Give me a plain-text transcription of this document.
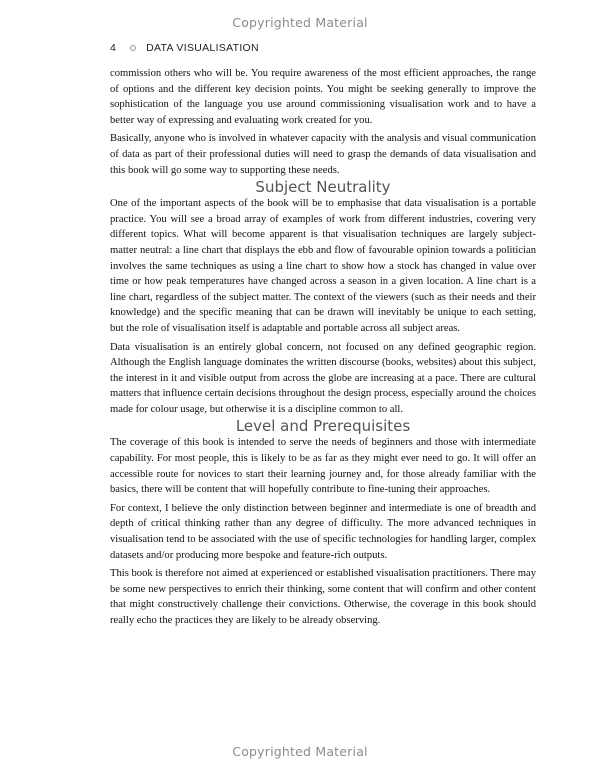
Copyrighted Material
4	DATA VISUALISATION

commission others who will be. You require awareness of the most efficient approaches, the range of options and the different key decision points. You might be seeking generally to improve the sophistication of the language you use around commissioning visualisation work and to have a better way of expressing and evaluating work created for you.

Basically, anyone who is involved in whatever capacity with the analysis and visual communication of data as part of their professional duties will need to grasp the demands of data visualisation and this book will go some way to supporting these needs.

Subject Neutrality

One of the important aspects of the book will be to emphasise that data visualisation is a portable practice. You will see a broad array of examples of work from different industries, covering very different topics. What will become apparent is that visualisation techniques are largely subject-matter neutral: a line chart that displays the ebb and flow of favourable opinion towards a politician involves the same techniques as using a line chart to show how a stock has changed in value over time or how peak temperatures have changed across a season in a given location. A line chart is a line chart, regardless of the subject matter. The context of the viewers (such as their needs and their knowledge) and the specific meaning that can be drawn will inevitably be unique to each setting, but the role of visualisation itself is adaptable and portable across all subject areas.

Data visualisation is an entirely global concern, not focused on any defined geographic region. Although the English language dominates the written discourse (books, websites) about this subject, the interest in it and visible output from across the globe are increasing at a pace. There are cultural matters that influence certain decisions throughout the design process, especially around the choices made for colour usage, but otherwise it is a discipline common to all.

Level and Prerequisites

The coverage of this book is intended to serve the needs of beginners and those with intermediate capability. For most people, this is likely to be as far as they might ever need to go. It will offer an accessible route for novices to start their learning journey and, for those already familiar with the basics, there will be content that will hopefully contribute to fine-tuning their approaches.

For context, I believe the only distinction between beginner and intermediate is one of breadth and depth of critical thinking rather than any degree of difficulty. The more advanced techniques in visualisation tend to be associated with the use of specific technologies for handling larger, complex datasets and/or producing more bespoke and feature-rich outputs.

This book is therefore not aimed at experienced or established visualisation practitioners. There may be some new perspectives to enrich their thinking, some content that will confirm and other content that might constructively challenge their convictions. Otherwise, the coverage in this book should really echo the practices they are likely to be already observing.

Copyrighted Material
